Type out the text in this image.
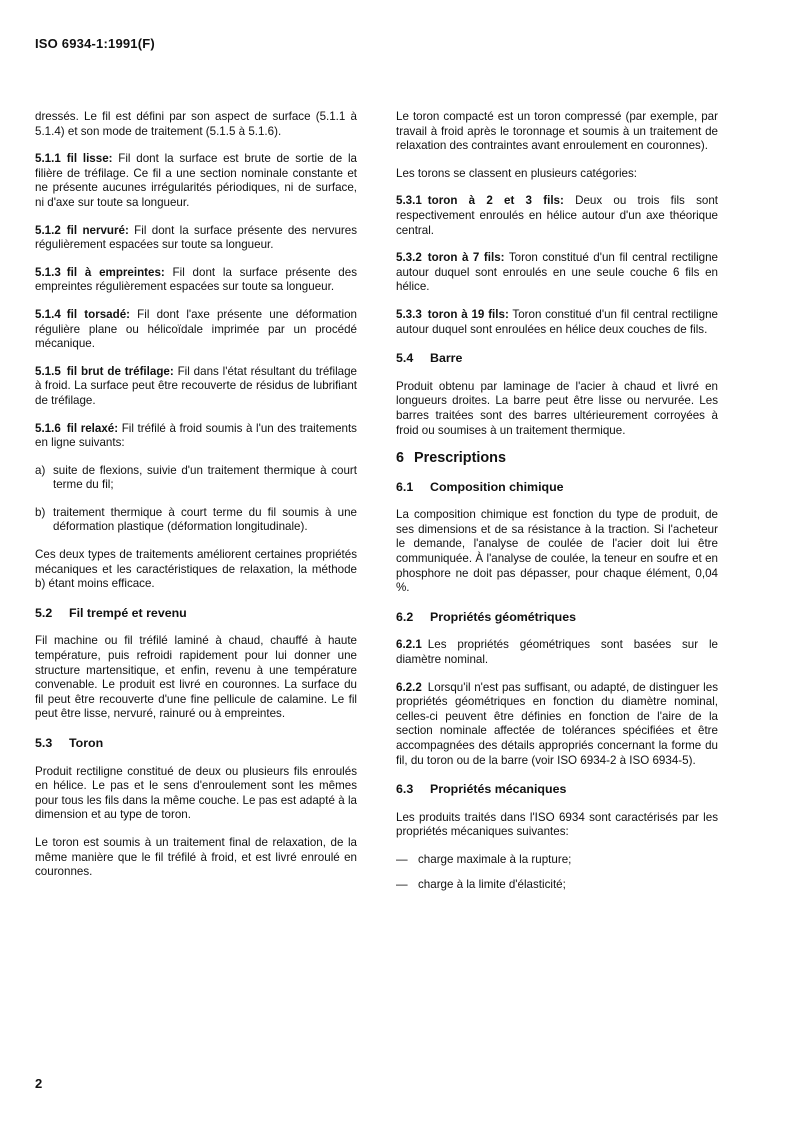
ISO 6934-1:1991(F)

dressés. Le fil est défini par son aspect de surface (5.1.1 à 5.1.4) et son mode de traitement (5.1.5 à 5.1.6).

5.1.1 fil lisse: Fil dont la surface est brute de sortie de la filière de tréfilage. Ce fil a une section nominale constante et ne présente aucunes irrégularités périodiques, ni de surface, ni d'axe sur toute sa longueur.

5.1.2 fil nervuré: Fil dont la surface présente des nervures régulièrement espacées sur toute sa longueur.

5.1.3 fil à empreintes: Fil dont la surface présente des empreintes régulièrement espacées sur toute sa longueur.

5.1.4 fil torsadé: Fil dont l'axe présente une déformation régulière plane ou hélicoïdale imprimée par un procédé mécanique.

5.1.5 fil brut de tréfilage: Fil dans l'état résultant du tréfilage à froid. La surface peut être recouverte de résidus de lubrifiant de tréfilage.

5.1.6 fil relaxé: Fil tréfilé à froid soumis à l'un des traitements en ligne suivants:

a) suite de flexions, suivie d'un traitement thermique à court terme du fil;
b) traitement thermique à court terme du fil soumis à une déformation plastique (déformation longitudinale).

Ces deux types de traitements améliorent certaines propriétés mécaniques et les caractéristiques de relaxation, la méthode b) étant moins efficace.

5.2 Fil trempé et revenu

Fil machine ou fil tréfilé laminé à chaud, chauffé à haute température, puis refroidi rapidement pour lui donner une structure martensitique, et enfin, revenu à une température convenable. Le produit est livré en couronnes. La surface du fil peut être recouverte d'une fine pellicule de calamine. Le fil peut être lisse, nervuré, rainuré ou à empreintes.

5.3 Toron

Produit rectiligne constitué de deux ou plusieurs fils enroulés en hélice. Le pas et le sens d'enroulement sont les mêmes pour tous les fils dans la même couche. Le pas est adapté à la dimension et au type de toron.

Le toron est soumis à un traitement final de relaxation, de la même manière que le fil tréfilé à froid, et est livré enroulé en couronnes.

Le toron compacté est un toron compressé (par exemple, par travail à froid après le toronnage et soumis à un traitement de relaxation des contraintes avant enroulement en couronnes).

Les torons se classent en plusieurs catégories:

5.3.1 toron à 2 et 3 fils: Deux ou trois fils sont respectivement enroulés en hélice autour d'un axe théorique central.

5.3.2 toron à 7 fils: Toron constitué d'un fil central rectiligne autour duquel sont enroulés en une seule couche 6 fils en hélice.

5.3.3 toron à 19 fils: Toron constitué d'un fil central rectiligne autour duquel sont enroulées en hélice deux couches de fils.

5.4 Barre

Produit obtenu par laminage de l'acier à chaud et livré en longueurs droites. La barre peut être lisse ou nervurée. Les barres traitées sont des barres ultérieurement corroyées à froid ou soumises à un traitement thermique.

6 Prescriptions
6.1 Composition chimique

La composition chimique est fonction du type de produit, de ses dimensions et de sa résistance à la traction. Si l'acheteur le demande, l'analyse de coulée de l'acier doit lui être communiquée. À l'analyse de coulée, la teneur en soufre et en phosphore ne doit pas dépasser, pour chaque élément, 0,04 %.

6.2 Propriétés géométriques

6.2.1 Les propriétés géométriques sont basées sur le diamètre nominal.

6.2.2 Lorsqu'il n'est pas suffisant, ou adapté, de distinguer les propriétés géométriques en fonction du diamètre nominal, celles-ci peuvent être définies en fonction de l'aire de la section nominale affectée de tolérances spécifiées et être accompagnées des détails appropriés concernant la forme du fil, du toron ou de la barre (voir ISO 6934-2 à ISO 6934-5).

6.3 Propriétés mécaniques

Les produits traités dans l'ISO 6934 sont caractérisés par les propriétés mécaniques suivantes:

— charge maximale à la rupture;
— charge à la limite d'élasticité;
2
